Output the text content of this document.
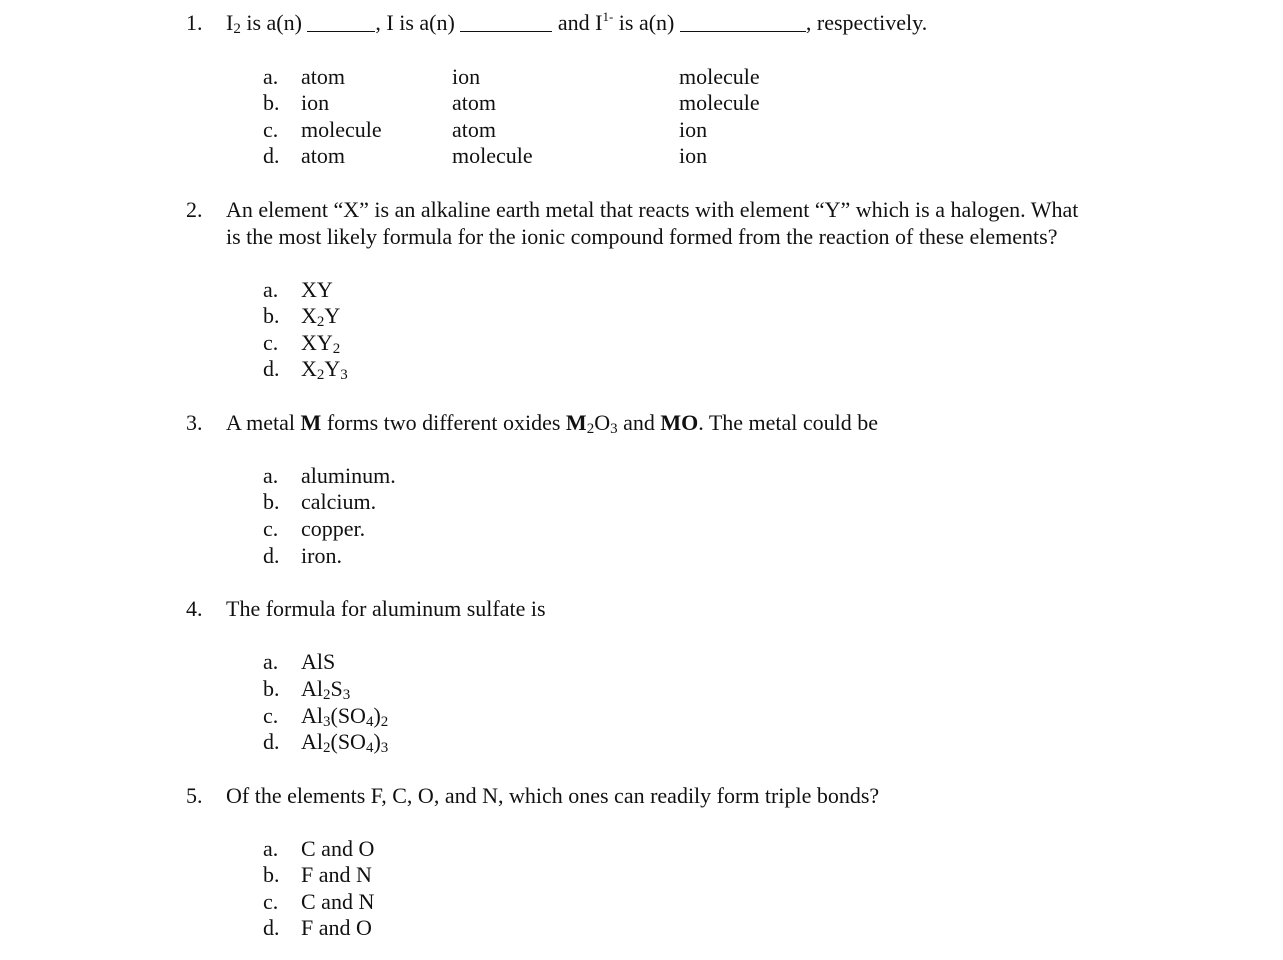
1. $I_2$ is a(n)	, I is a(n)	and $I^{1-}$ is a(n)	, respectively.
a. atom	ion	molecule
b. ion	atom	molecule
c. molecule	atom	ion
d. atom	molecule	ion
2. An element “X” is an alkaline earth metal that reacts with element “Y” which is a halogen. What
is the most likely formula for the ionic compound formed from the reaction of these elements?
a. XY
b. $X_2Y$
c. $XY_2$
d. $X_2Y_3$
3. A metal M forms two different oxides $M_2O_3$ and MO. The metal could be
a. aluminum.
b. calcium.
c. copper.
d. iron.
4. The formula for aluminum sulfate is
a. AlS
b. $Al_2S_3$
c. $Al_3(SO_4)_2$
d. $Al_2(SO_4)_3$
5. Of the elements F, C, O, and N, which ones can readily form triple bonds?
a. C and O
b. F and N
c. C and N
d. F and O
